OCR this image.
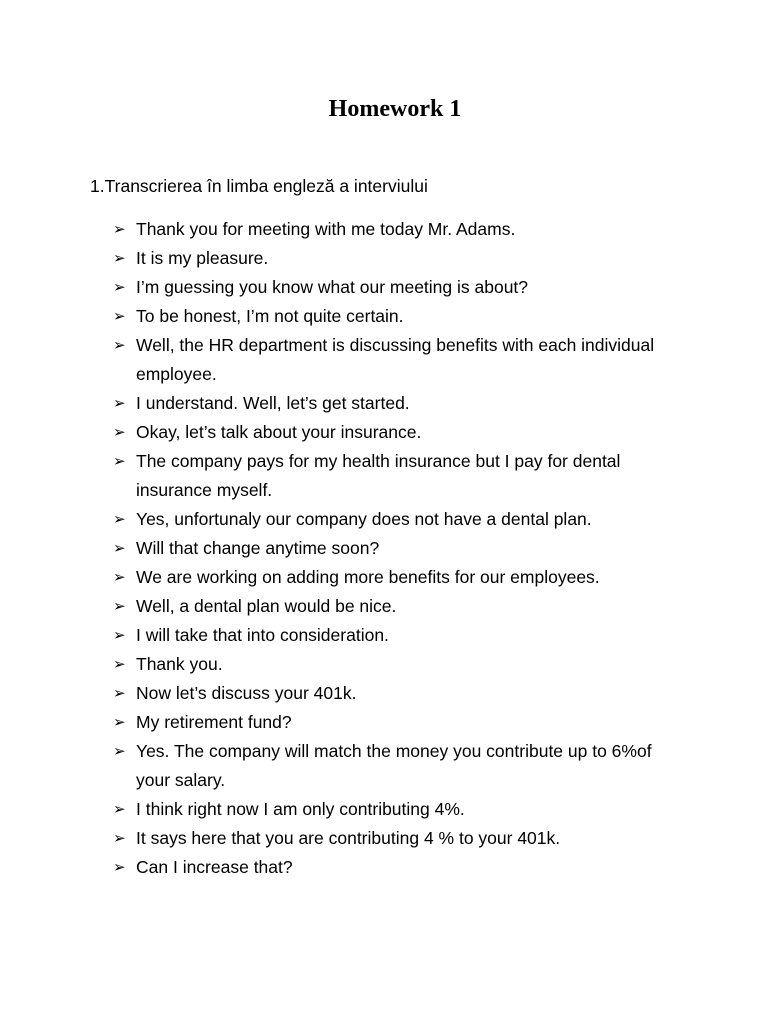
Homework 1
1.Transcrierea în limba engleză a interviului
➢ Thank you for meeting with me today Mr. Adams.
➢ It is my pleasure.
➢ I’m guessing you know what our meeting is about?
➢ To be honest, I’m not quite certain.
➢ Well, the HR department is discussing benefits with each individual employee.
➢ I understand. Well, let’s get started.
➢ Okay, let’s talk about your insurance.
➢ The company pays for my health insurance but I pay for dental insurance myself.
➢ Yes, unfortunaly our company does not have a dental plan.
➢ Will that change anytime soon?
➢ We are working on adding more benefits for our employees.
➢ Well, a dental plan would be nice.
➢ I will take that into consideration.
➢ Thank you.
➢ Now let’s discuss your 401k.
➢ My retirement fund?
➢ Yes. The company will match the money you contribute up to 6%of your salary.
➢ I think right now I am only contributing 4%.
➢ It says here that you are contributing 4 % to your 401k.
➢ Can I increase that?
